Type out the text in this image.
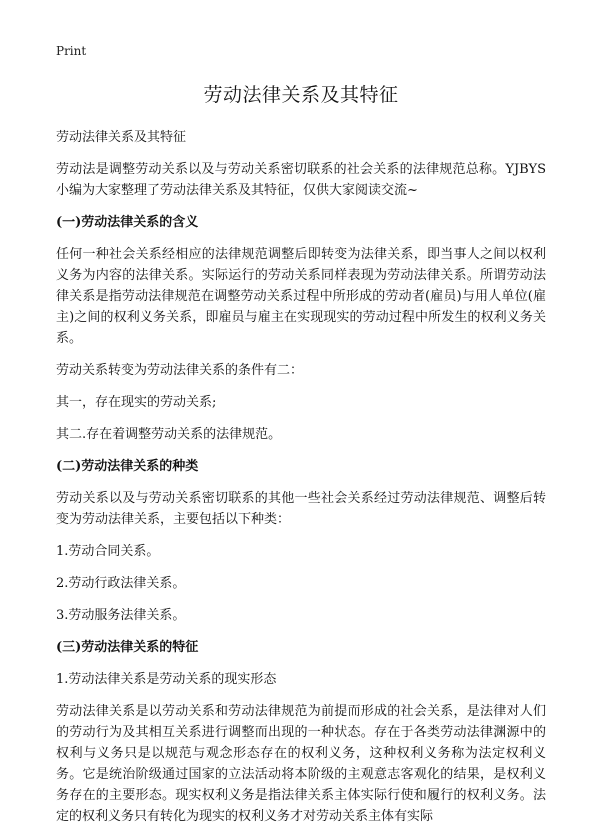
Print
劳动法律关系及其特征

劳动法律关系及其特征

劳动法是调整劳动关系以及与劳动关系密切联系的社会关系的法律规范总称。YJBYS小编为大家整理了劳动法律关系及其特征，仅供大家阅读交流~

(一)劳动法律关系的含义

任何一种社会关系经相应的法律规范调整后即转变为法律关系，即当事人之间以权利义务为内容的法律关系。实际运行的劳动关系同样表现为劳动法律关系。所谓劳动法律关系是指劳动法律规范在调整劳动关系过程中所形成的劳动者(雇员)与用人单位(雇主)之间的权利义务关系，即雇员与雇主在实现现实的劳动过程中所发生的权利义务关系。

劳动关系转变为劳动法律关系的条件有二：

其一，存在现实的劳动关系;

其二.存在着调整劳动关系的法律规范。

(二)劳动法律关系的种类

劳动关系以及与劳动关系密切联系的其他一些社会关系经过劳动法律规范、调整后转变为劳动法律关系，主要包括以下种类：

1.劳动合同关系。

2.劳动行政法律关系。

3.劳动服务法律关系。

(三)劳动法律关系的特征

1.劳动法律关系是劳动关系的现实形态

劳动法律关系是以劳动关系和劳动法律规范为前提而形成的社会关系，是法律对人们的劳动行为及其相互关系进行调整而出现的一种状态。存在于各类劳动法律渊源中的权利与义务只是以规范与观念形态存在的权利义务，这种权利义务称为法定权利义务。它是统治阶级通过国家的立法活动将本阶级的主观意志客观化的结果，是权利义务存在的主要形态。现实权利义务是指法律关系主体实际行使和履行的权利义务。法定的权利义务只有转化为现实的权利义务才对劳动关系主体有实际
